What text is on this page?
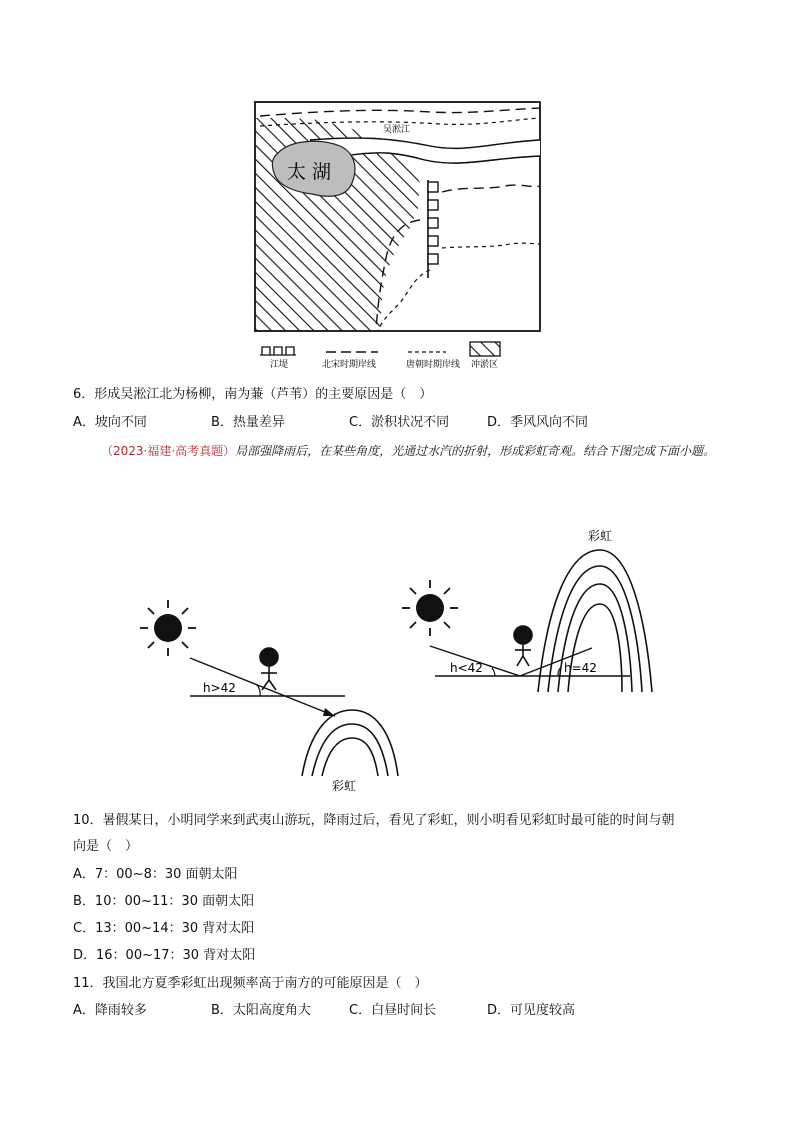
吴淞江
太 湖
江堤	北宋时期岸线	唐朝时期岸线 冲淤区
6．形成吴淞江北为杨柳，南为蒹（芦苇）的主要原因是（　）
A．坡向不同	B．热量差异	C．淤积状况不同	D．季风风向不同
（2023·福建·高考真题）局部强降雨后，在某些角度，光通过水汽的折射，形成彩虹奇观。结合下图完成下面小题。
h>42
彩虹
h<42	h=42
彩虹
10．暑假某日，小明同学来到武夷山游玩，降雨过后，看见了彩虹，则小明看见彩虹时最可能的时间与朝
向是（　）
A．7：00~8：30 面朝太阳
B．10：00~11：30 面朝太阳
C．13：00~14：30 背对太阳
D．16：00~17：30 背对太阳
11．我国北方夏季彩虹出现频率高于南方的可能原因是（　）
A．降雨较多	B．太阳高度角大	C．白昼时间长	D．可见度较高
